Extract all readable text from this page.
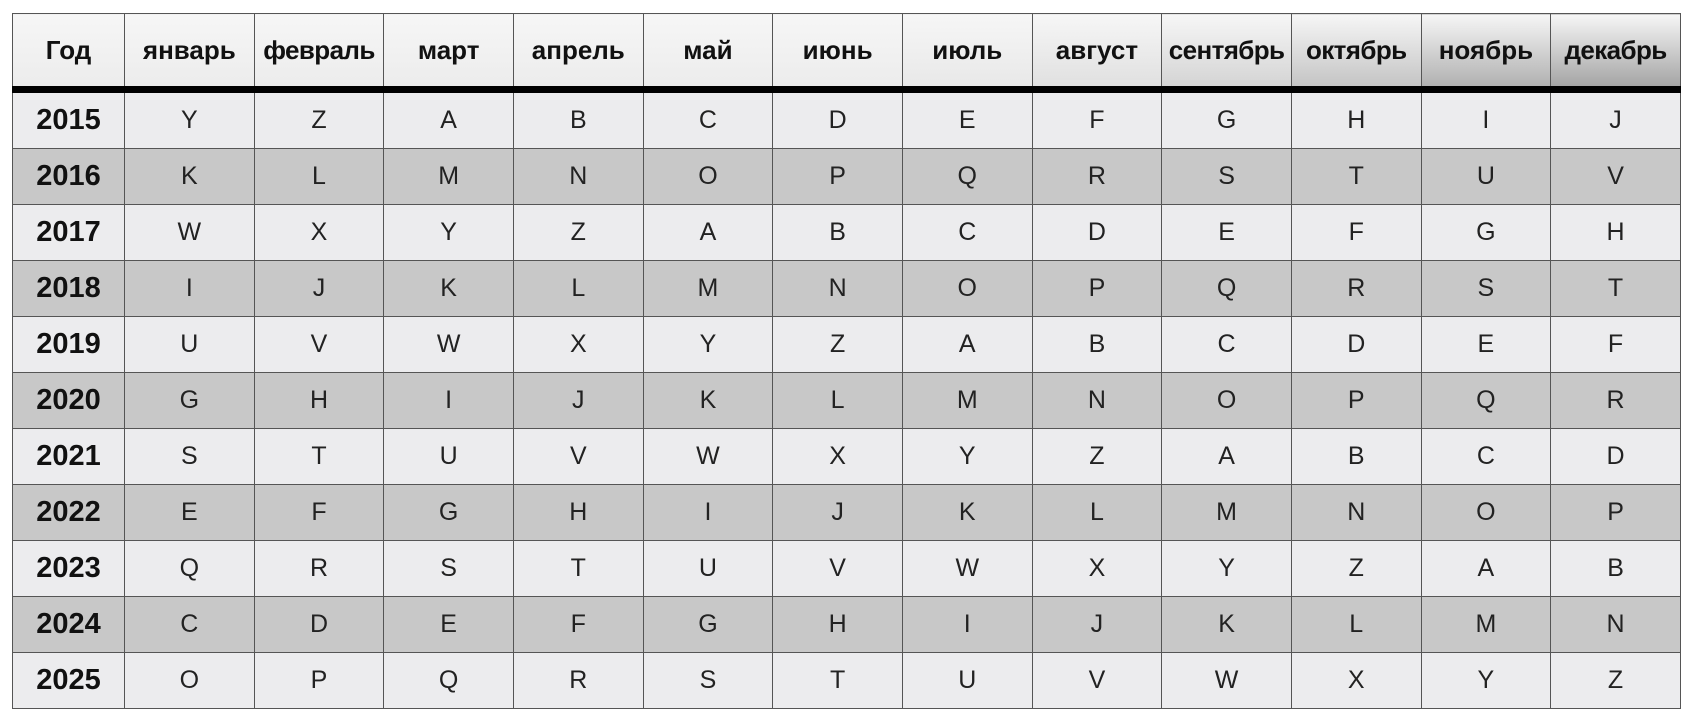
Год	январь	февраль	март	апрель	май	июнь	июль	август	сентябрь	октябрь	ноябрь	декабрь
2015	Y	Z	A	B	C	D	E	F	G	H	I	J
2016	K	L	M	N	O	P	Q	R	S	T	U	V
2017	W	X	Y	Z	A	B	C	D	E	F	G	H
2018	I	J	K	L	M	N	O	P	Q	R	S	T
2019	U	V	W	X	Y	Z	A	B	C	D	E	F
2020	G	H	I	J	K	L	M	N	O	P	Q	R
2021	S	T	U	V	W	X	Y	Z	A	B	C	D
2022	E	F	G	H	I	J	K	L	M	N	O	P
2023	Q	R	S	T	U	V	W	X	Y	Z	A	B
2024	C	D	E	F	G	H	I	J	K	L	M	N
2025	O	P	Q	R	S	T	U	V	W	X	Y	Z
